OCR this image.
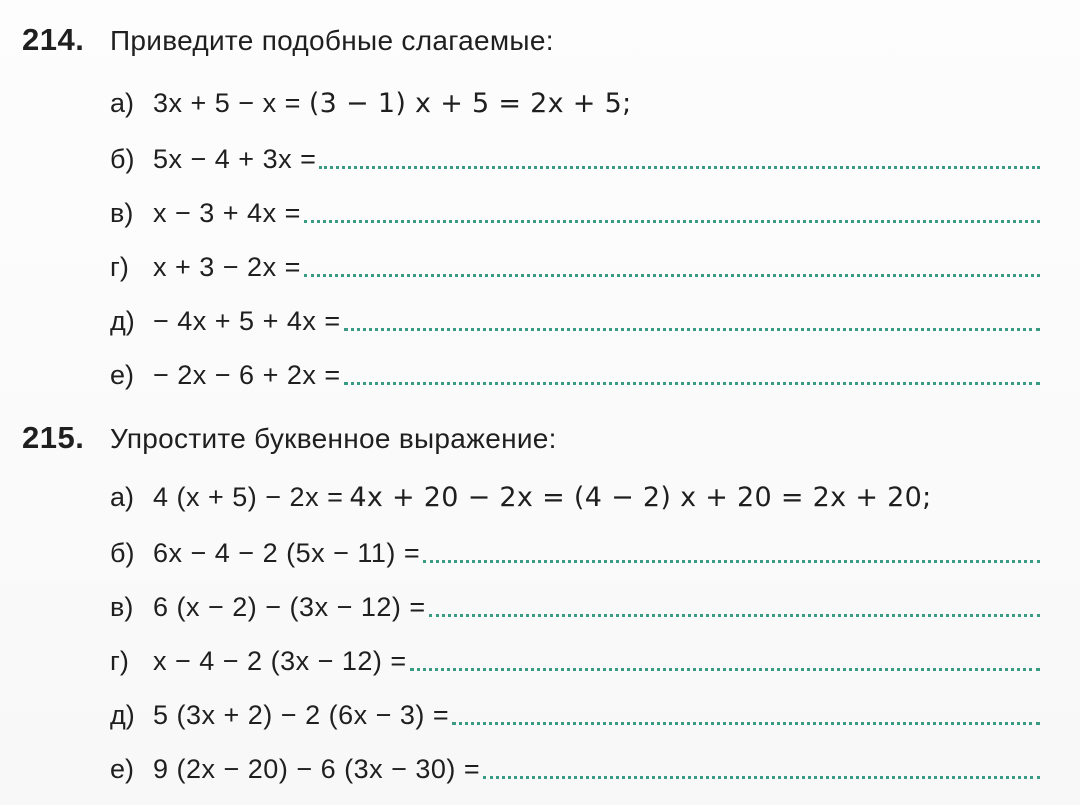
214. Приведите подобные слагаемые:
а) 3x + 5 − x = (3 − 1) x + 5 = 2x + 5;
б) 5x − 4 + 3x =
в) x − 3 + 4x =
г) x + 3 − 2x =
д) − 4x + 5 + 4x =
е) − 2x − 6 + 2x =
215. Упростите буквенное выражение:
а) 4 (x + 5) − 2x = 4x + 20 − 2x = (4 − 2) x + 20 = 2x + 20;
б) 6x − 4 − 2 (5x − 11) =
в) 6 (x − 2) − (3x − 12) =
г) x − 4 − 2 (3x − 12) =
д) 5 (3x + 2) − 2 (6x − 3) =
е) 9 (2x − 20) − 6 (3x − 30) =
